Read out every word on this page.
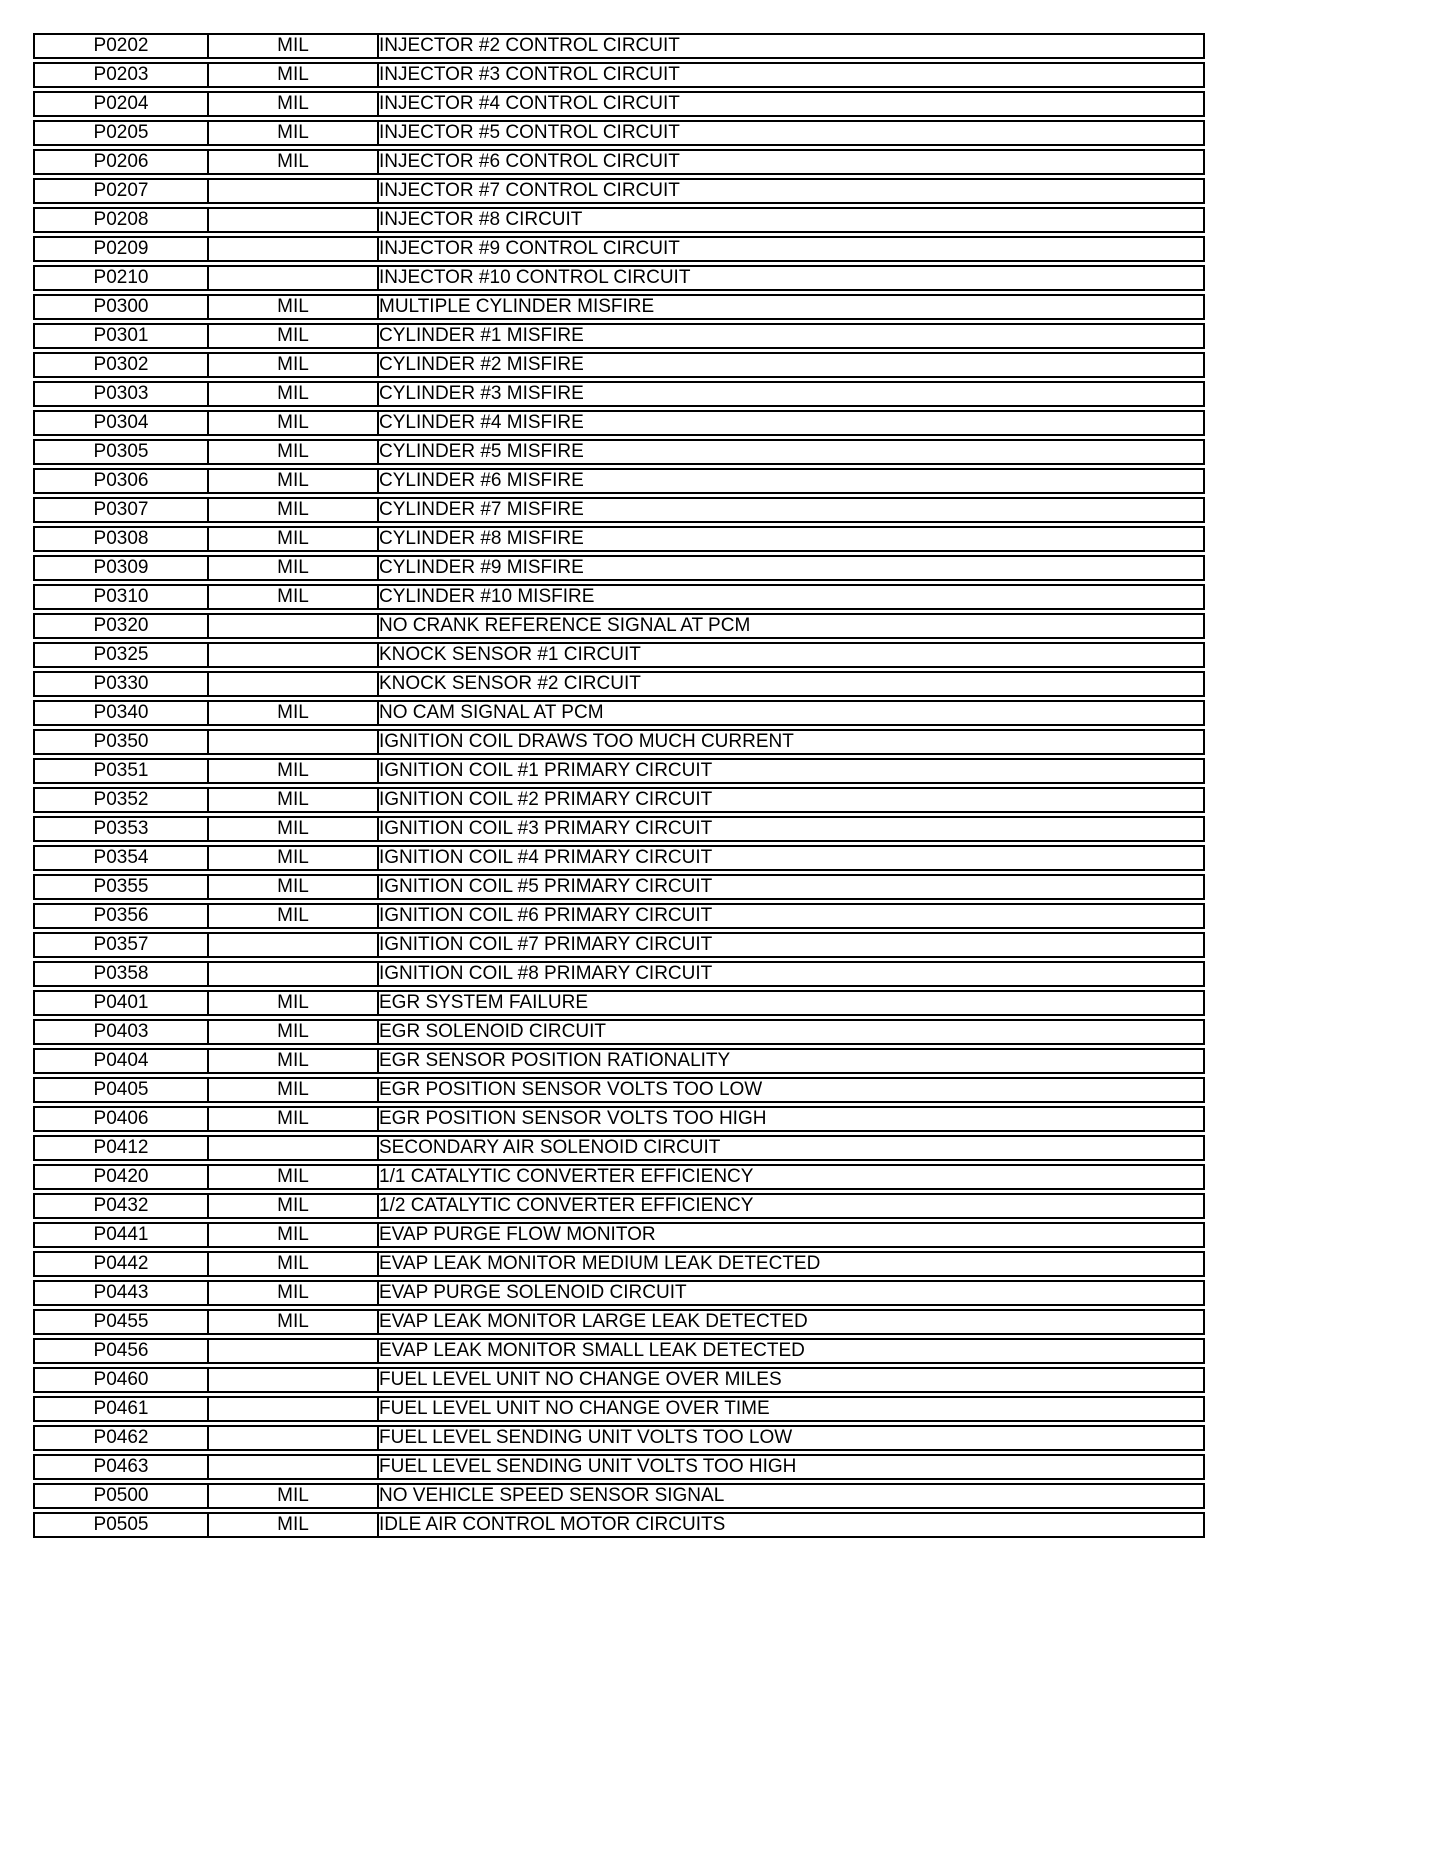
P0202	MIL	INJECTOR #2 CONTROL CIRCUIT
P0203	MIL	INJECTOR #3 CONTROL CIRCUIT
P0204	MIL	INJECTOR #4 CONTROL CIRCUIT
P0205	MIL	INJECTOR #5 CONTROL CIRCUIT
P0206	MIL	INJECTOR #6 CONTROL CIRCUIT
P0207		INJECTOR #7 CONTROL CIRCUIT
P0208		INJECTOR #8 CIRCUIT
P0209		INJECTOR #9 CONTROL CIRCUIT
P0210		INJECTOR #10 CONTROL CIRCUIT
P0300	MIL	MULTIPLE CYLINDER MISFIRE
P0301	MIL	CYLINDER #1 MISFIRE
P0302	MIL	CYLINDER #2 MISFIRE
P0303	MIL	CYLINDER #3 MISFIRE
P0304	MIL	CYLINDER #4 MISFIRE
P0305	MIL	CYLINDER #5 MISFIRE
P0306	MIL	CYLINDER #6 MISFIRE
P0307	MIL	CYLINDER #7 MISFIRE
P0308	MIL	CYLINDER #8 MISFIRE
P0309	MIL	CYLINDER #9 MISFIRE
P0310	MIL	CYLINDER #10 MISFIRE
P0320		NO CRANK REFERENCE SIGNAL AT PCM
P0325		KNOCK SENSOR #1 CIRCUIT
P0330		KNOCK SENSOR #2 CIRCUIT
P0340	MIL	NO CAM SIGNAL AT PCM
P0350		IGNITION COIL DRAWS TOO MUCH CURRENT
P0351	MIL	IGNITION COIL #1 PRIMARY CIRCUIT
P0352	MIL	IGNITION COIL #2 PRIMARY CIRCUIT
P0353	MIL	IGNITION COIL #3 PRIMARY CIRCUIT
P0354	MIL	IGNITION COIL #4 PRIMARY CIRCUIT
P0355	MIL	IGNITION COIL #5 PRIMARY CIRCUIT
P0356	MIL	IGNITION COIL #6 PRIMARY CIRCUIT
P0357		IGNITION COIL #7 PRIMARY CIRCUIT
P0358		IGNITION COIL #8 PRIMARY CIRCUIT
P0401	MIL	EGR SYSTEM FAILURE
P0403	MIL	EGR SOLENOID CIRCUIT
P0404	MIL	EGR SENSOR POSITION RATIONALITY
P0405	MIL	EGR POSITION SENSOR VOLTS TOO LOW
P0406	MIL	EGR POSITION SENSOR VOLTS TOO HIGH
P0412		SECONDARY AIR SOLENOID CIRCUIT
P0420	MIL	1/1 CATALYTIC CONVERTER EFFICIENCY
P0432	MIL	1/2 CATALYTIC CONVERTER EFFICIENCY
P0441	MIL	EVAP PURGE FLOW MONITOR
P0442	MIL	EVAP LEAK MONITOR MEDIUM LEAK DETECTED
P0443	MIL	EVAP PURGE SOLENOID CIRCUIT
P0455	MIL	EVAP LEAK MONITOR LARGE LEAK DETECTED
P0456		EVAP LEAK MONITOR SMALL LEAK DETECTED
P0460		FUEL LEVEL UNIT NO CHANGE OVER MILES
P0461		FUEL LEVEL UNIT NO CHANGE OVER TIME
P0462		FUEL LEVEL SENDING UNIT VOLTS TOO LOW
P0463		FUEL LEVEL SENDING UNIT VOLTS TOO HIGH
P0500	MIL	NO VEHICLE SPEED SENSOR SIGNAL
P0505	MIL	IDLE AIR CONTROL MOTOR CIRCUITS
